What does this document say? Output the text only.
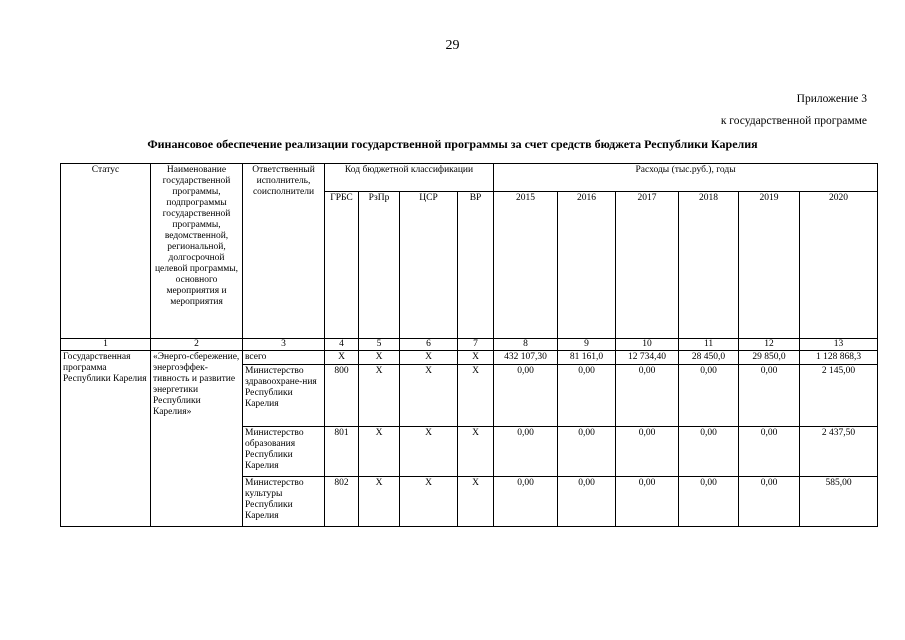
29
Приложение 3
к государственной программе
Финансовое обеспечение реализации государственной программы за счет средств бюджета Республики Карелия
Статус	Наименование государственной программы, подпрограммы государственной программы, ведомственной, региональной, долгосрочной целевой программы, основного мероприятия и мероприятия	Ответственный исполнитель, соисполнители	Код бюджетной классификации				Расходы (тыс.руб.), годы					
			ГРБС	РзПр	ЦСР	ВР	2015	2016	2017	2018	2019	2020
1	2	3	4	5	6	7	8	9	10	11	12	13
Государственная программа Республики Карелия	«Энерго-сбережение, энергоэффек-тивность и развитие энергетики Республики Карелия»	всего	Х	Х	Х	Х	432 107,30	81 161,0	12 734,40	28 450,0	29 850,0	1 128 868,3
		Министерство здравоохране-ния Республики Карелия	800	Х	Х	Х	0,00	0,00	0,00	0,00	0,00	2 145,00
		Министерство образования Республики Карелия	801	Х	Х	Х	0,00	0,00	0,00	0,00	0,00	2 437,50
		Министерство культуры Республики Карелия	802	Х	Х	Х	0,00	0,00	0,00	0,00	0,00	585,00
